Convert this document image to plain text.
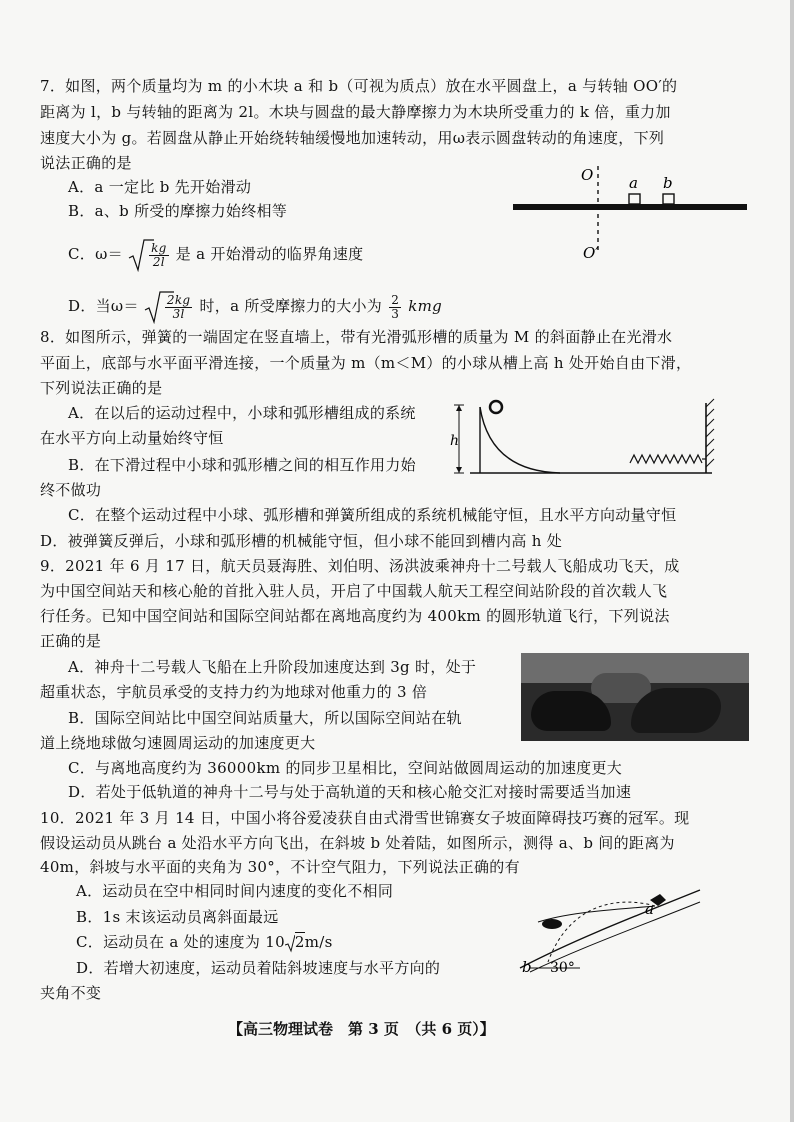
7．如图，两个质量均为 m 的小木块 a 和 b（可视为质点）放在水平圆盘上，a 与转轴 OO′的
距离为 l，b 与转轴的距离为 2l。木块与圆盘的最大静摩擦力为木块所受重力的 k 倍，重力加
速度大小为 g。若圆盘从静止开始绕转轴缓慢地加速转动，用ω表示圆盘转动的角速度，下列
说法正确的是
A．a 一定比 b 先开始滑动
B．a、b 所受的摩擦力始终相等
C．$\omega= \frac{kg}{2l}$ 是 a 开始滑动的临界角速度
D．当$\omega= \frac{2kg}{3l}$ 时，a 所受摩擦力的大小为 $\frac{2}{3}$ kmg
O
O′
a b
8．如图所示，弹簧的一端固定在竖直墙上，带有光滑弧形槽的质量为 M 的斜面静止在光滑水
平面上，底部与水平面平滑连接，一个质量为 m（m＜M）的小球从槽上高 h 处开始自由下滑，
下列说法正确的是
A．在以后的运动过程中，小球和弧形槽组成的系统
在水平方向上动量始终守恒
B．在下滑过程中小球和弧形槽之间的相互作用力始
终不做功
C．在整个运动过程中小球、弧形槽和弹簧所组成的系统机械能守恒，且水平方向动量守恒
D．被弹簧反弹后，小球和弧形槽的机械能守恒，但小球不能回到槽内高 h 处
h
9．2021 年 6 月 17 日，航天员聂海胜、刘伯明、汤洪波乘神舟十二号载人飞船成功飞天，成
为中国空间站天和核心舱的首批入驻人员，开启了中国载人航天工程空间站阶段的首次载人飞
行任务。已知中国空间站和国际空间站都在离地高度约为 400km 的圆形轨道飞行，下列说法
正确的是
A．神舟十二号载人飞船在上升阶段加速度达到 3g 时，处于
超重状态，宇航员承受的支持力约为地球对他重力的 3 倍
B．国际空间站比中国空间站质量大，所以国际空间站在轨
道上绕地球做匀速圆周运动的加速度更大
C．与离地高度约为 36000km 的同步卫星相比，空间站做圆周运动的加速度更大
D．若处于低轨道的神舟十二号与处于高轨道的天和核心舱交汇对接时需要适当加速
10．2021 年 3 月 14 日，中国小将谷爱凌获自由式滑雪世锦赛女子坡面障碍技巧赛的冠军。现
假设运动员从跳台 a 处沿水平方向飞出，在斜坡 b 处着陆，如图所示，测得 a、b 间的距离为
40m，斜坡与水平面的夹角为 30°，不计空气阻力，下列说法正确的有
A．运动员在空中相同时间内速度的变化不相同
B．1s 末该运动员离斜面最远
C．运动员在 a 处的速度为 10 2m/s
D．若增大初速度，运动员着陆斜坡速度与水平方向的
夹角不变
a
b 30°
【高三物理试卷　第 3 页　（共 6 页）】
